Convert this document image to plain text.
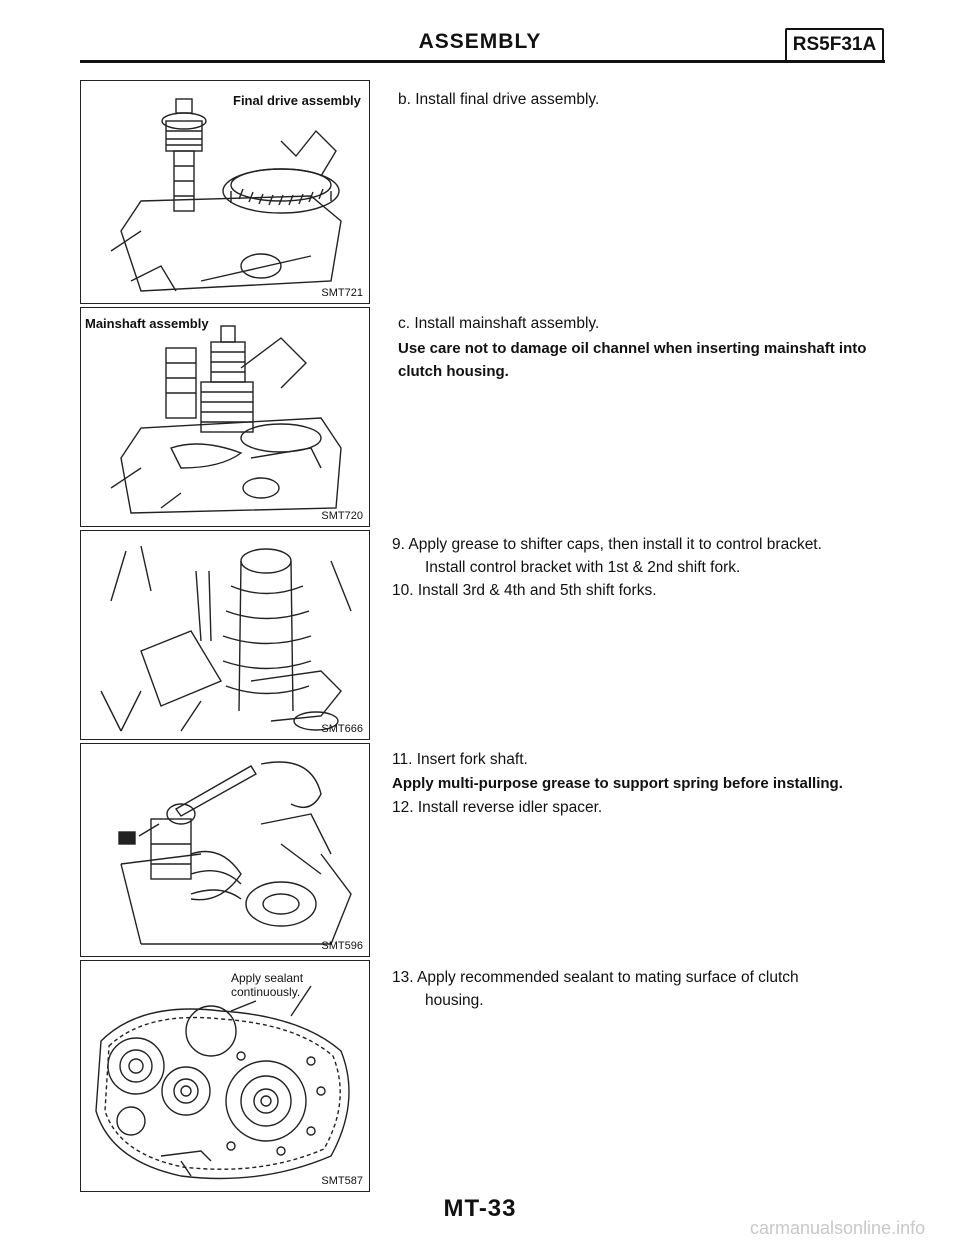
ASSEMBLY	RS5F31A
Final drive assembly
SMT721
Mainshaft assembly
SMT720
SMT666
SMT596
Apply sealant continuously.
SMT587
b. Install final drive assembly.
c. Install mainshaft assembly.
Use care not to damage oil channel when inserting mainshaft into clutch housing.
9. Apply grease to shifter caps, then install it to control bracket.
Install control bracket with 1st & 2nd shift fork.
10. Install 3rd & 4th and 5th shift forks.
11. Insert fork shaft.
Apply multi-purpose grease to support spring before installing.
12. Install reverse idler spacer.
13. Apply recommended sealant to mating surface of clutch
housing.
MT-33
carmanualsonline.info
